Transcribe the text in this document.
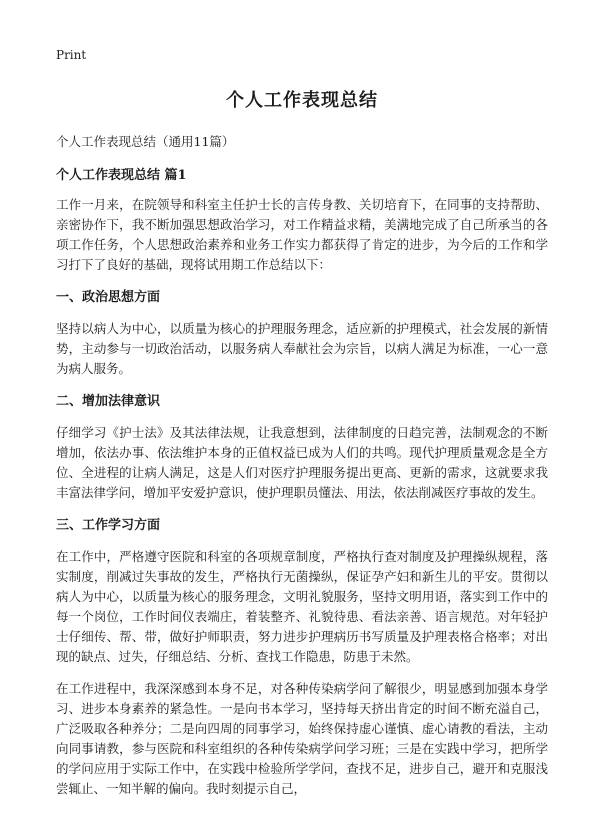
Print
个人工作表现总结

个人工作表现总结（通用11篇）

个人工作表现总结 篇1

工作一月来，在院领导和科室主任护士长的言传身教、关切培育下，在同事的支持帮助、亲密协作下，我不断加强思想政治学习，对工作精益求精，美满地完成了自己所承当的各项工作任务，个人思想政治素养和业务工作实力都获得了肯定的进步，为今后的工作和学习打下了良好的基础，现将试用期工作总结以下：

一、政治思想方面

坚持以病人为中心，以质量为核心的护理服务理念，适应新的护理模式，社会发展的新情势，主动参与一切政治活动，以服务病人奉献社会为宗旨，以病人满足为标准，一心一意为病人服务。

二、增加法律意识

仔细学习《护士法》及其法律法规，让我意想到，法律制度的日趋完善，法制观念的不断增加，依法办事、依法维护本身的正值权益已成为人们的共鸣。现代护理质量观念是全方位、全进程的让病人满足，这是人们对医疗护理服务提出更高、更新的需求，这就要求我丰富法律学问，增加平安爱护意识，使护理职员懂法、用法，依法削减医疗事故的发生。

三、工作学习方面

在工作中，严格遵守医院和科室的各项规章制度，严格执行查对制度及护理操纵规程，落实制度，削减过失事故的发生，严格执行无菌操纵，保证孕产妇和新生儿的平安。贯彻以病人为中心，以质量为核心的服务理念，文明礼貌服务，坚持文明用语，落实到工作中的每一个岗位，工作时间仪表端庄，着装整齐、礼貌待患、看法亲善、语言规范。对年轻护士仔细传、帮、带，做好护师职责，努力进步护理病历书写质量及护理表格合格率；对出现的缺点、过失，仔细总结、分析、查找工作隐患，防患于未然。

在工作进程中，我深深感到本身不足，对各种传染病学问了解很少，明显感到加强本身学习、进步本身素养的紧急性。一是向书本学习，坚持每天挤出肯定的时间不断充溢自己，广泛吸取各种养分；二是向四周的同事学习，始终保持虚心谨慎、虚心请教的看法，主动向同事请教，参与医院和科室组织的各种传染病学问学习班；三是在实践中学习，把所学的学问应用于实际工作中，在实践中检验所学学问，查找不足，进步自己，避开和克服浅尝辄止、一知半解的偏向。我时刻提示自己，
